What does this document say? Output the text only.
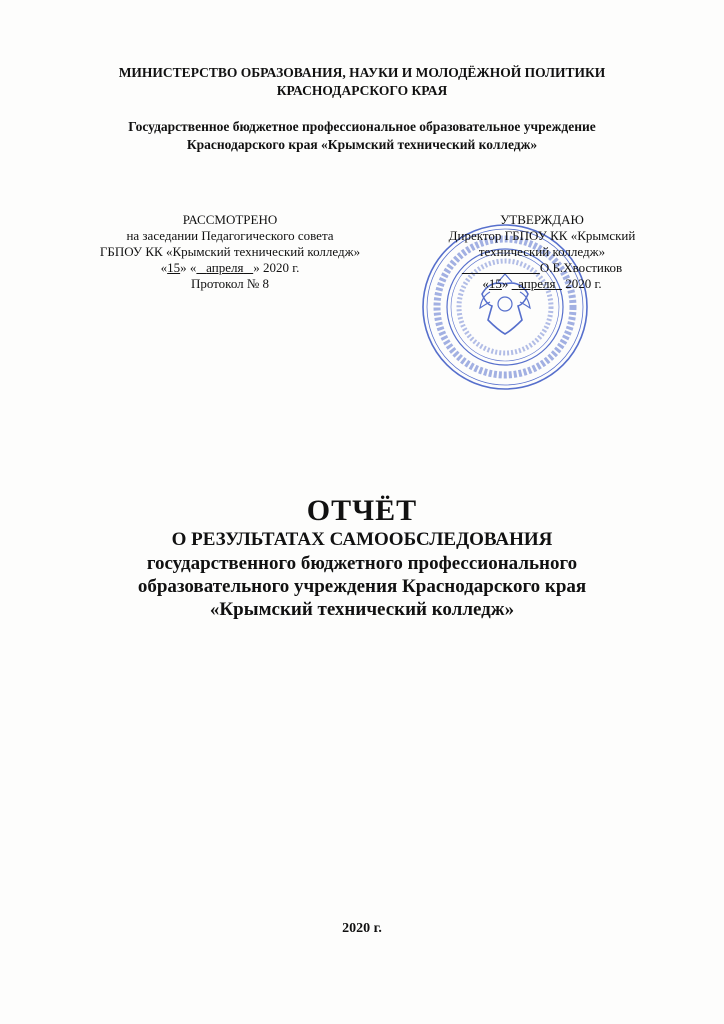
МИНИСТЕРСТВО ОБРАЗОВАНИЯ, НАУКИ И МОЛОДЁЖНОЙ ПОЛИТИКИ
КРАСНОДАРСКОГО КРАЯ
Государственное бюджетное профессиональное образовательное учреждение
Краснодарского края «Крымский технический колледж»
РАССМОТРЕНО
на заседании Педагогического совета
ГБПОУ КК «Крымский технический колледж»
«15» « апреля » 2020 г.
Протокол № 8
УТВЕРЖДАЮ
Директор ГБПОУ КК «Крымский
технический колледж»
О.Б.Хвостиков
«15»   апреля 2020 г.
ОТЧЁТ
О РЕЗУЛЬТАТАХ САМООБСЛЕДОВАНИЯ
государственного бюджетного профессионального
образовательного учреждения Краснодарского края
«Крымский технический колледж»
2020 г.
